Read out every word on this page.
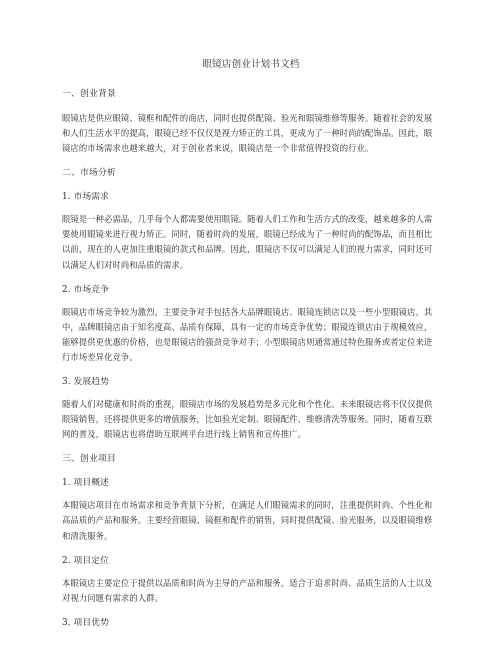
眼镜店创业计划书文档
一、创业背景
眼镜店是供应眼镜、镜框和配件的商店，同时也提供配镜、验光和眼镜维修等服务。随着社会的发展和人们生活水平的提高，眼镜已经不仅仅是视力矫正的工具，更成为了一种时尚的配饰品。因此，眼镜店的市场需求也越来越大，对于创业者来说，眼镜店是一个非常值得投资的行业。
二、市场分析
1. 市场需求
眼镜是一种必需品，几乎每个人都需要使用眼镜。随着人们工作和生活方式的改变，越来越多的人需要使用眼镜来进行视力矫正。同时，随着时尚的发展，眼镜已经成为了一种时尚的配饰品，而且相比以前，现在的人更加注重眼镜的款式和品牌。因此，眼镜店不仅可以满足人们的视力需求，同时还可以满足人们对时尚和品质的需求。
2. 市场竞争
眼镜店市场竞争较为激烈，主要竞争对手包括各大品牌眼镜店、眼镜连锁店以及一些小型眼镜店。其中，品牌眼镜店由于知名度高、品质有保障，具有一定的市场竞争优势；眼镜连锁店由于规模效应，能够提供更优惠的价格，也是眼镜店的强劲竞争对手；小型眼镜店则通常通过特色服务或者定位来进行市场差异化竞争。
3. 发展趋势
随着人们对健康和时尚的重视，眼镜店市场的发展趋势是多元化和个性化。未来眼镜店将不仅仅提供眼镜销售，还将提供更多的增值服务，比如验光定制、眼镜配件、维修清洗等服务。同时，随着互联网的普及，眼镜店也将借助互联网平台进行线上销售和宣传推广。
三、创业项目
1. 项目概述
本眼镜店项目在市场需求和竞争背景下分析，在满足人们眼镜需求的同时，注重提供时尚、个性化和高品质的产品和服务。主要经营眼镜、镜框和配件的销售，同时提供配镜、验光服务，以及眼镜维修和清洗服务。
2. 项目定位
本眼镜店主要定位于提供以品质和时尚为主导的产品和服务，适合于追求时尚、品质生活的人士以及对视力问题有需求的人群。
3. 项目优势
